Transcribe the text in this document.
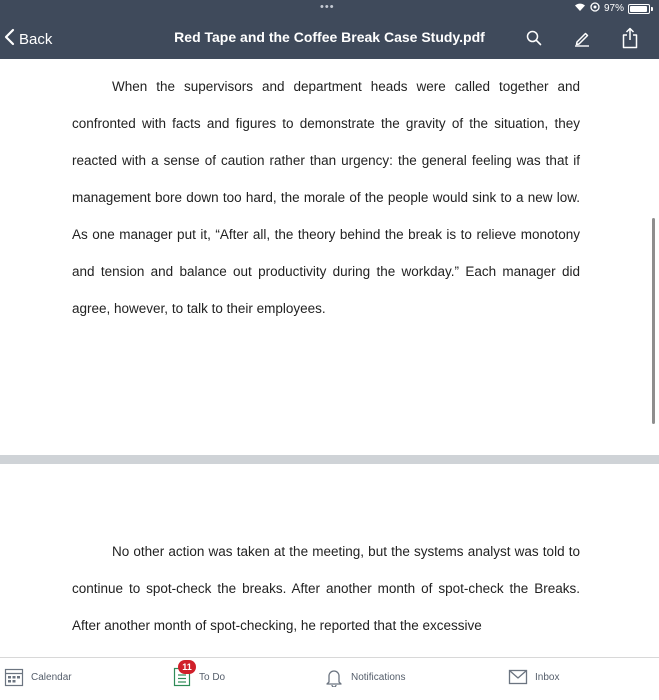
•••	97%
Back	Red Tape and the Coffee Break Case Study.pdf

When the supervisors and department heads were called together and confronted with facts and figures to demonstrate the gravity of the situation, they reacted with a sense of caution rather than urgency: the general feeling was that if management bore down too hard, the morale of the people would sink to a new low. As one manager put it, “After all, the theory behind the break is to relieve monotony and tension and balance out productivity during the workday.” Each manager did agree, however, to talk to their employees.

No other action was taken at the meeting, but the systems analyst was told to continue to spot-check the breaks. After another month of spot-check the Breaks. After another month of spot-checking, he reported that the excessive

Calendar
11
To Do	Notifications	Inbox
